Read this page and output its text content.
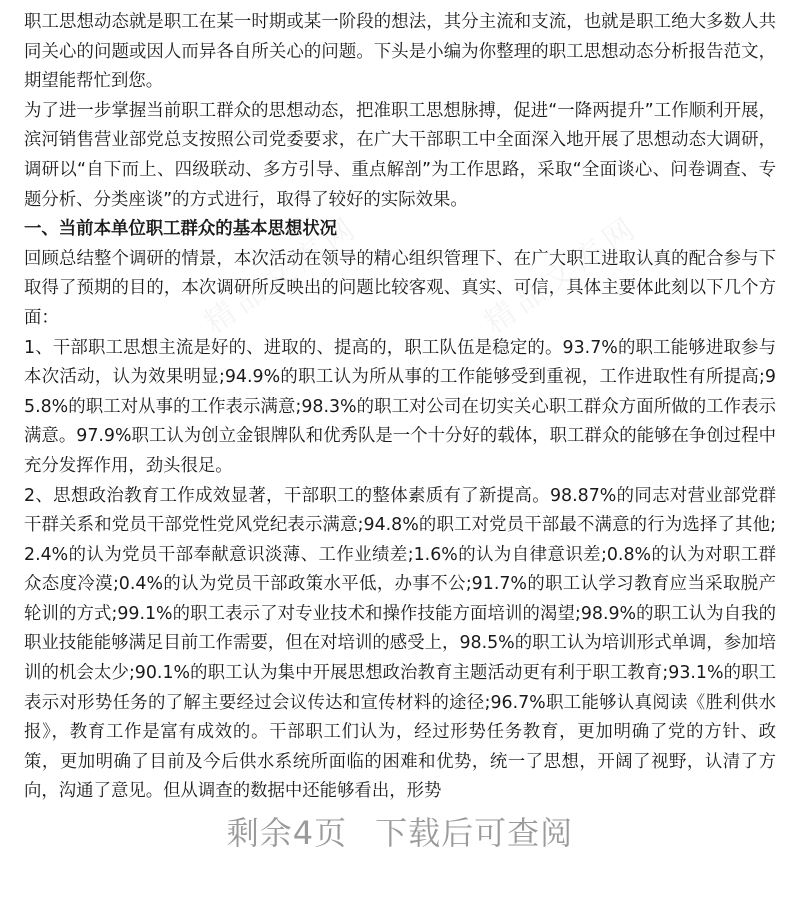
职工思想动态就是职工在某一时期或某一阶段的想法，其分主流和支流，也就是职工绝大多数人共同关心的问题或因人而异各自所关心的问题。下头是小编为你整理的职工思想动态分析报告范文，期望能帮忙到您。

为了进一步掌握当前职工群众的思想动态，把准职工思想脉搏，促进“一降两提升”工作顺利开展，滨河销售营业部党总支按照公司党委要求，在广大干部职工中全面深入地开展了思想动态大调研，调研以“自下而上、四级联动、多方引导、重点解剖”为工作思路，采取“全面谈心、问卷调查、专题分析、分类座谈”的方式进行，取得了较好的实际效果。

一、当前本单位职工群众的基本思想状况

回顾总结整个调研的情景，本次活动在领导的精心组织管理下、在广大职工进取认真的配合参与下取得了预期的目的，本次调研所反映出的问题比较客观、真实、可信，具体主要体此刻以下几个方面：

1、干部职工思想主流是好的、进取的、提高的，职工队伍是稳定的。93.7%的职工能够进取参与本次活动，认为效果明显;94.9%的职工认为所从事的工作能够受到重视，工作进取性有所提高;95.8%的职工对从事的工作表示满意;98.3%的职工对公司在切实关心职工群众方面所做的工作表示满意。97.9%职工认为创立金银牌队和优秀队是一个十分好的载体，职工群众的能够在争创过程中充分发挥作用，劲头很足。

2、思想政治教育工作成效显著，干部职工的整体素质有了新提高。98.87%的同志对营业部党群干群关系和党员干部党性党风党纪表示满意;94.8%的职工对党员干部最不满意的行为选择了其他;2.4%的认为党员干部奉献意识淡薄、工作业绩差;1.6%的认为自律意识差;0.8%的认为对职工群众态度冷漠;0.4%的认为党员干部政策水平低，办事不公;91.7%的职工认学习教育应当采取脱产轮训的方式;99.1%的职工表示了对专业技术和操作技能方面培训的渴望;98.9%的职工认为自我的职业技能能够满足目前工作需要，但在对培训的感受上，98.5%的职工认为培训形式单调，参加培训的机会太少;90.1%的职工认为集中开展思想政治教育主题活动更有利于职工教育;93.1%的职工表示对形势任务的了解主要经过会议传达和宣传材料的途径;96.7%职工能够认真阅读《胜利供水报》，教育工作是富有成效的。干部职工们认为，经过形势任务教育，更加明确了党的方针、政策，更加明确了目前及今后供水系统所面临的困难和优势，统一了思想，开阔了视野，认清了方向，沟通了意见。但从调查的数据中还能够看出，形势

剩余4页 下载后可查阅
